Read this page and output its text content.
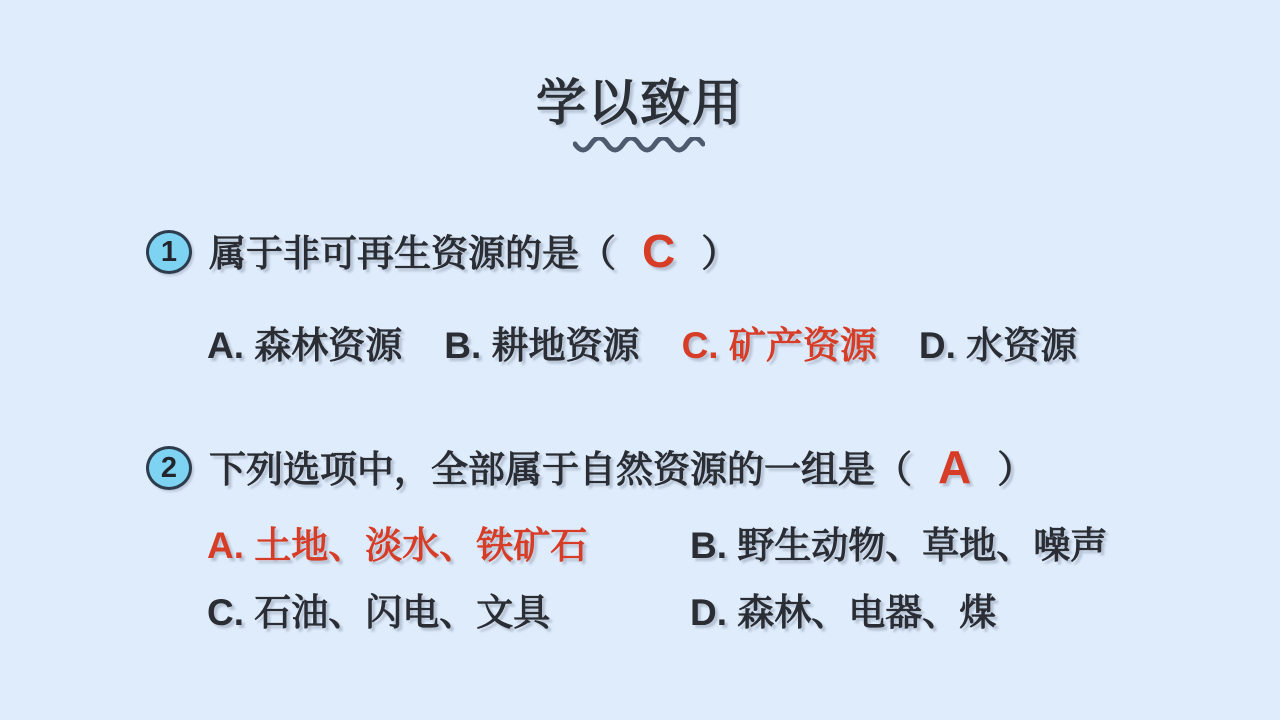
学以致用
1 属于非可再生资源的是（ C ）
A. 森林资源 B. 耕地资源 C. 矿产资源 D. 水资源
2 下列选项中，全部属于自然资源的一组是（ A ）
A. 土地、淡水、铁矿石	B. 野生动物、草地、噪声
C. 石油、闪电、文具	D. 森林、电器、煤
